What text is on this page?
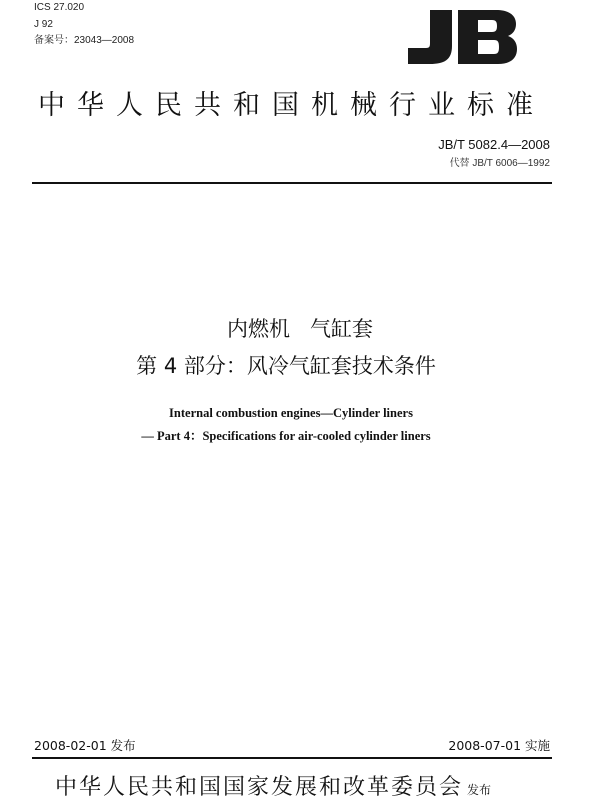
ICS 27.020
J 92
备案号：23043—2008
中华人民共和国机械行业标准
JB/T 5082.4—2008
代替 JB/T 6006—1992
内燃机   气缸套
第 4 部分：风冷气缸套技术条件
Internal combustion engines—Cylinder liners
— Part 4：Specifications for air-cooled cylinder liners
2008-02-01 发布	2008-07-01 实施
中华人民共和国国家发展和改革委员会 发布
